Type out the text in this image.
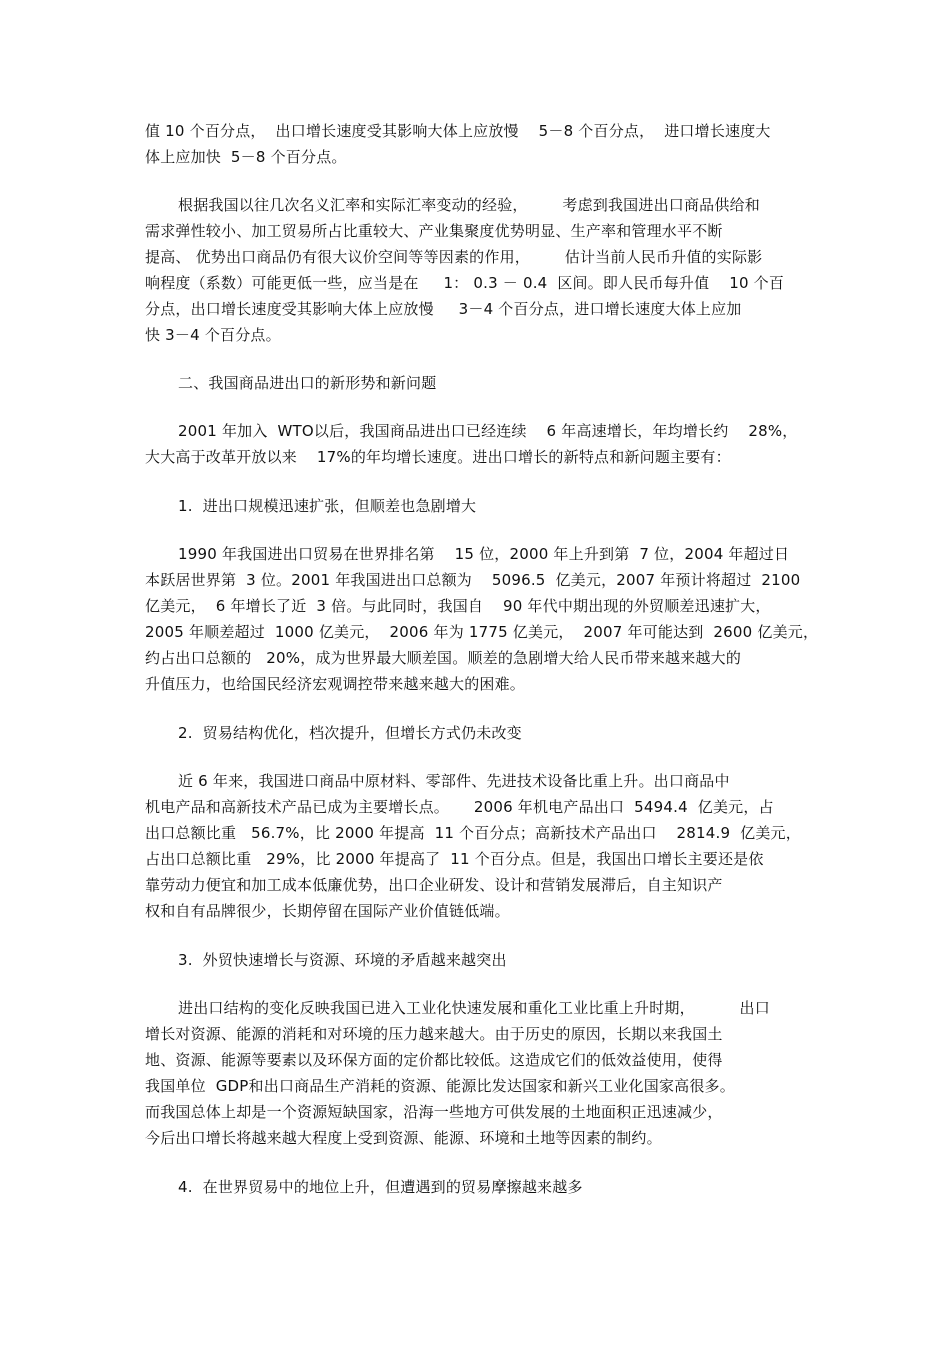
值 10 个百分点，  出口增长速度受其影响大体上应放慢    5－8 个百分点，  进口增长速度大
体上应加快  5－8 个百分点。
根据我国以往几次名义汇率和实际汇率变动的经验，       考虑到我国进出口商品供给和
需求弹性较小、加工贸易所占比重较大、产业集聚度优势明显、生产率和管理水平不断
提高、 优势出口商品仍有很大议价空间等等因素的作用，       估计当前人民币升值的实际影
响程度（系数）可能更低一些，应当是在     1： 0.3 － 0.4  区间。即人民币每升值    10 个百
分点，出口增长速度受其影响大体上应放慢     3－4 个百分点，进口增长速度大体上应加
快 3－4 个百分点。
二、我国商品进出口的新形势和新问题
2001 年加入  WTO以后，我国商品进出口已经连续    6 年高速增长，年均增长约    28%，
大大高于改革开放以来    17%的年均增长速度。进出口增长的新特点和新问题主要有：
1.  进出口规模迅速扩张，但顺差也急剧增大
1990 年我国进出口贸易在世界排名第    15 位，2000 年上升到第  7 位，2004 年超过日
本跃居世界第  3 位。2001 年我国进出口总额为    5096.5  亿美元，2007 年预计将超过  2100
亿美元，  6 年增长了近  3 倍。与此同时，我国自    90 年代中期出现的外贸顺差迅速扩大，
2005 年顺差超过  1000 亿美元，  2006 年为 1775 亿美元，  2007 年可能达到  2600 亿美元，
约占出口总额的   20%，成为世界最大顺差国。顺差的急剧增大给人民币带来越来越大的
升值压力，也给国民经济宏观调控带来越来越大的困难。
2.  贸易结构优化，档次提升，但增长方式仍未改变
近 6 年来，我国进口商品中原材料、零部件、先进技术设备比重上升。出口商品中
机电产品和高新技术产品已成为主要增长点。     2006 年机电产品出口  5494.4  亿美元，占
出口总额比重   56.7%，比 2000 年提高  11 个百分点；高新技术产品出口    2814.9  亿美元，
占出口总额比重   29%，比 2000 年提高了  11 个百分点。但是，我国出口增长主要还是依
靠劳动力便宜和加工成本低廉优势，出口企业研发、设计和营销发展滞后，自主知识产
权和自有品牌很少，长期停留在国际产业价值链低端。
3.  外贸快速增长与资源、环境的矛盾越来越突出
进出口结构的变化反映我国已进入工业化快速发展和重化工业比重上升时期，         出口
增长对资源、能源的消耗和对环境的压力越来越大。由于历史的原因，长期以来我国土
地、资源、能源等要素以及环保方面的定价都比较低。这造成它们的低效益使用，使得
我国单位  GDP和出口商品生产消耗的资源、能源比发达国家和新兴工业化国家高很多。
而我国总体上却是一个资源短缺国家，沿海一些地方可供发展的土地面积正迅速减少，
今后出口增长将越来越大程度上受到资源、能源、环境和土地等因素的制约。
4.  在世界贸易中的地位上升，但遭遇到的贸易摩擦越来越多
